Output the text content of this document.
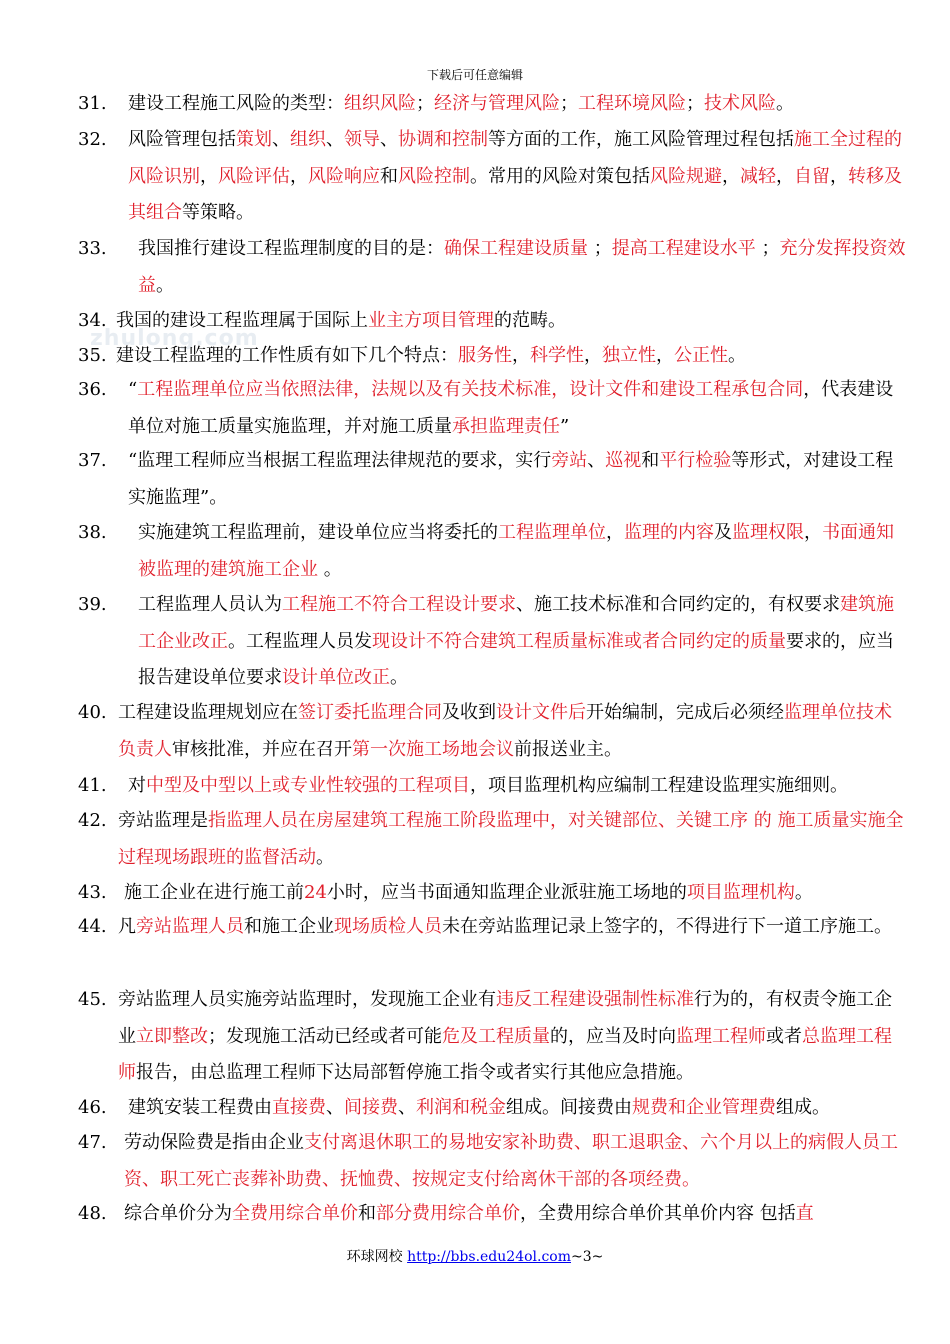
下载后可任意编辑
zhulong.com
31.	建设工程施工风险的类型：组织风险；经济与管理风险；工程环境风险；技术风险。
32.	风险管理包括策划、组织、领导、协调和控制等方面的工作，施工风险管理过程包括施工全过程的风险识别，风险评估，风险响应和风险控制。常用的风险对策包括风险规避，减轻，自留，转移及其组合等策略。
33.	我国推行建设工程监理制度的目的是：确保工程建设质量 ；提高工程建设水平 ；充分发挥投资效益。
34. 我国的建设工程监理属于国际上业主方项目管理的范畴。
35. 建设工程监理的工作性质有如下几个特点：服务性，科学性，独立性，公正性。
36.	“工程监理单位应当依照法律，法规以及有关技术标准，设计文件和建设工程承包合同，代表建设单位对施工质量实施监理，并对施工质量承担监理责任”
37.	“监理工程师应当根据工程监理法律规范的要求，实行旁站、巡视和平行检验等形式，对建设工程实施监理”。
38.	实施建筑工程监理前，建设单位应当将委托的工程监理单位，监理的内容及监理权限，书面通知被监理的建筑施工企业 。
39.	工程监理人员认为工程施工不符合工程设计要求、施工技术标准和合同约定的，有权要求建筑施工企业改正。工程监理人员发现设计不符合建筑工程质量标准或者合同约定的质量要求的，应当报告建设单位要求设计单位改正。
40. 工程建设监理规划应在签订委托监理合同及收到设计文件后开始编制，完成后必须经监理单位技术负责人审核批准，并应在召开第一次施工场地会议前报送业主。
41.	对中型及中型以上或专业性较强的工程项目，项目监理机构应编制工程建设监理实施细则。
42. 旁站监理是指监理人员在房屋建筑工程施工阶段监理中，对关键部位、关键工序 的 施工质量实施全过程现场跟班的监督活动。
43. 施工企业在进行施工前24小时，应当书面通知监理企业派驻施工场地的项目监理机构。
44. 凡旁站监理人员和施工企业现场质检人员未在旁站监理记录上签字的，不得进行下一道工序施工。
45. 旁站监理人员实施旁站监理时，发现施工企业有违反工程建设强制性标准行为的，有权责令施工企业立即整改；发现施工活动已经或者可能危及工程质量的，应当及时向监理工程师或者总监理工程师报告，由总监理工程师下达局部暂停施工指令或者实行其他应急措施。
46.	建筑安装工程费由直接费、间接费、利润和税金组成。间接费由规费和企业管理费组成。
47. 劳动保险费是指由企业支付离退休职工的易地安家补助费、职工退职金、六个月以上的病假人员工资、职工死亡丧葬补助费、抚恤费、按规定支付给离休干部的各项经费。
48. 综合单价分为全费用综合单价和部分费用综合单价，全费用综合单价其单价内容 包括直
环球网校 http://bbs.edu24ol.com~3~
